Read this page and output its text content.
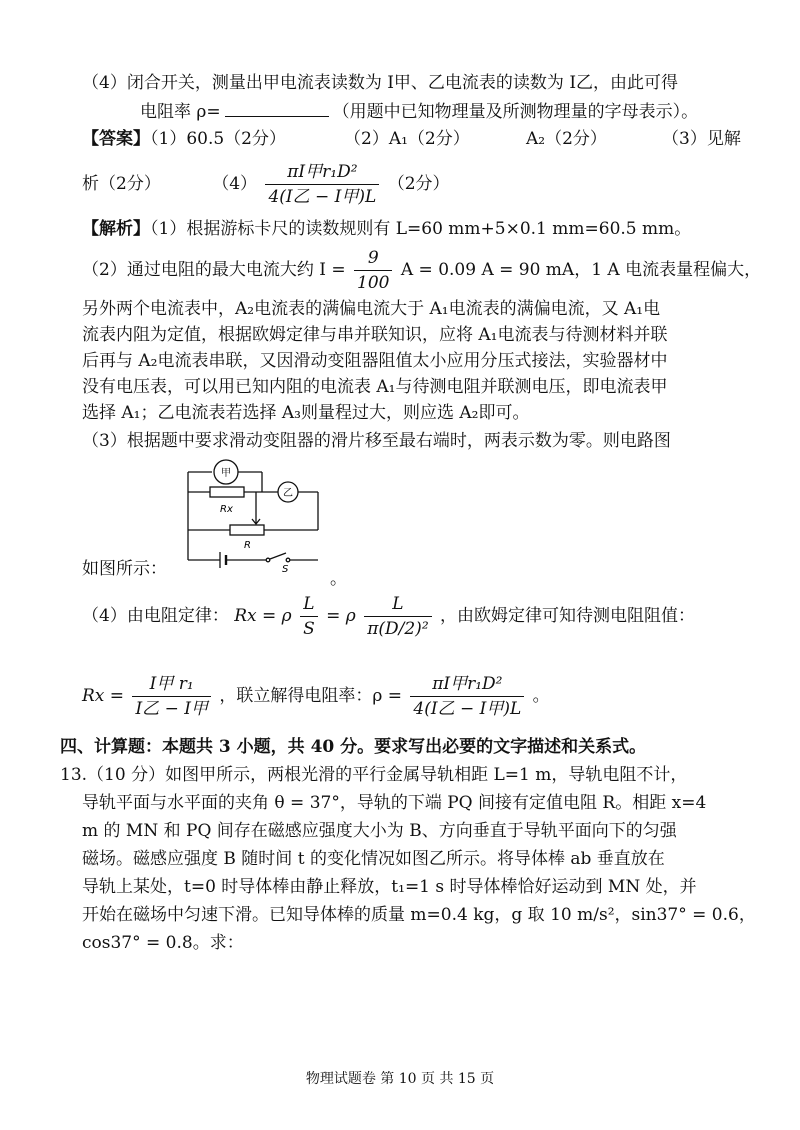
（4）闭合开关，测量出甲电流表读数为 I甲、乙电流表的读数为 I乙，由此可得
电阻率 ρ=	（用题中已知物理量及所测物理量的字母表示）。
【答案】（1）60.5（2分）	（2）A₁（2分）	A₂（2分）	（3）见解
析（2分）	$(4) \frac{\text{πI甲r₁D²}}{\text{4(I乙 − I甲)L}} (2$分）
【解析】（1）根据游标卡尺的读数规则有 L=60 mm+5×0.1 mm=60.5 mm。
（2）通过电阻的最大电流大约 $I = \frac{9}{100}$ A = 0.09 A = 90 mA，1 A 电流表量程偏大，
另外两个电流表中，A₂电流表的满偏电流大于 A₁电流表的满偏电流，又 A₁电
流表内阻为定值，根据欧姆定律与串并联知识，应将 A₁电流表与待测材料并联
后再与 A₂电流表串联，又因滑动变阻器阻值太小应用分压式接法，实验器材中
没有电压表，可以用已知内阻的电流表 A₁与待测电阻并联测电压，即电流表甲
选择 A₁；乙电流表若选择 A₃则量程过大，则应选 A₂即可。
（3）根据题中要求滑动变阻器的滑片移至最右端时，两表示数为零。则电路图
甲
乙
Rx
R
S
如图所示：	。
（4）由电阻定律： Rx = ρ $\frac{L}{S} = \rho \frac{L}{\text{π(D/2)²}}$ ，由欧姆定律可知待测电阻阻值：
$Rx = \frac{\text{I甲 r₁}}{\text{I乙 − I甲}}$ ，联立解得电阻率：$\rho = \frac{\text{πI甲r₁D²}}{\text{4(I乙 − I甲)L}}$ 。
四、计算题：本题共 3 小题，共 40 分。要求写出必要的文字描述和关系式。
13.（10 分）如图甲所示，两根光滑的平行金属导轨相距 L=1 m，导轨电阻不计，
导轨平面与水平面的夹角 θ = 37°，导轨的下端 PQ 间接有定值电阻 R。相距 x=4
m 的 MN 和 PQ 间存在磁感应强度大小为 B、方向垂直于导轨平面向下的匀强
磁场。磁感应强度 B 随时间 t 的变化情况如图乙所示。将导体棒 ab 垂直放在
导轨上某处，t=0 时导体棒由静止释放，t₁=1 s 时导体棒恰好运动到 MN 处，并
开始在磁场中匀速下滑。已知导体棒的质量 m=0.4 kg，g 取 10 m/s²，sin37° = 0.6，
cos37° = 0.8。求：
物理试题卷 第 10 页 共 15 页
